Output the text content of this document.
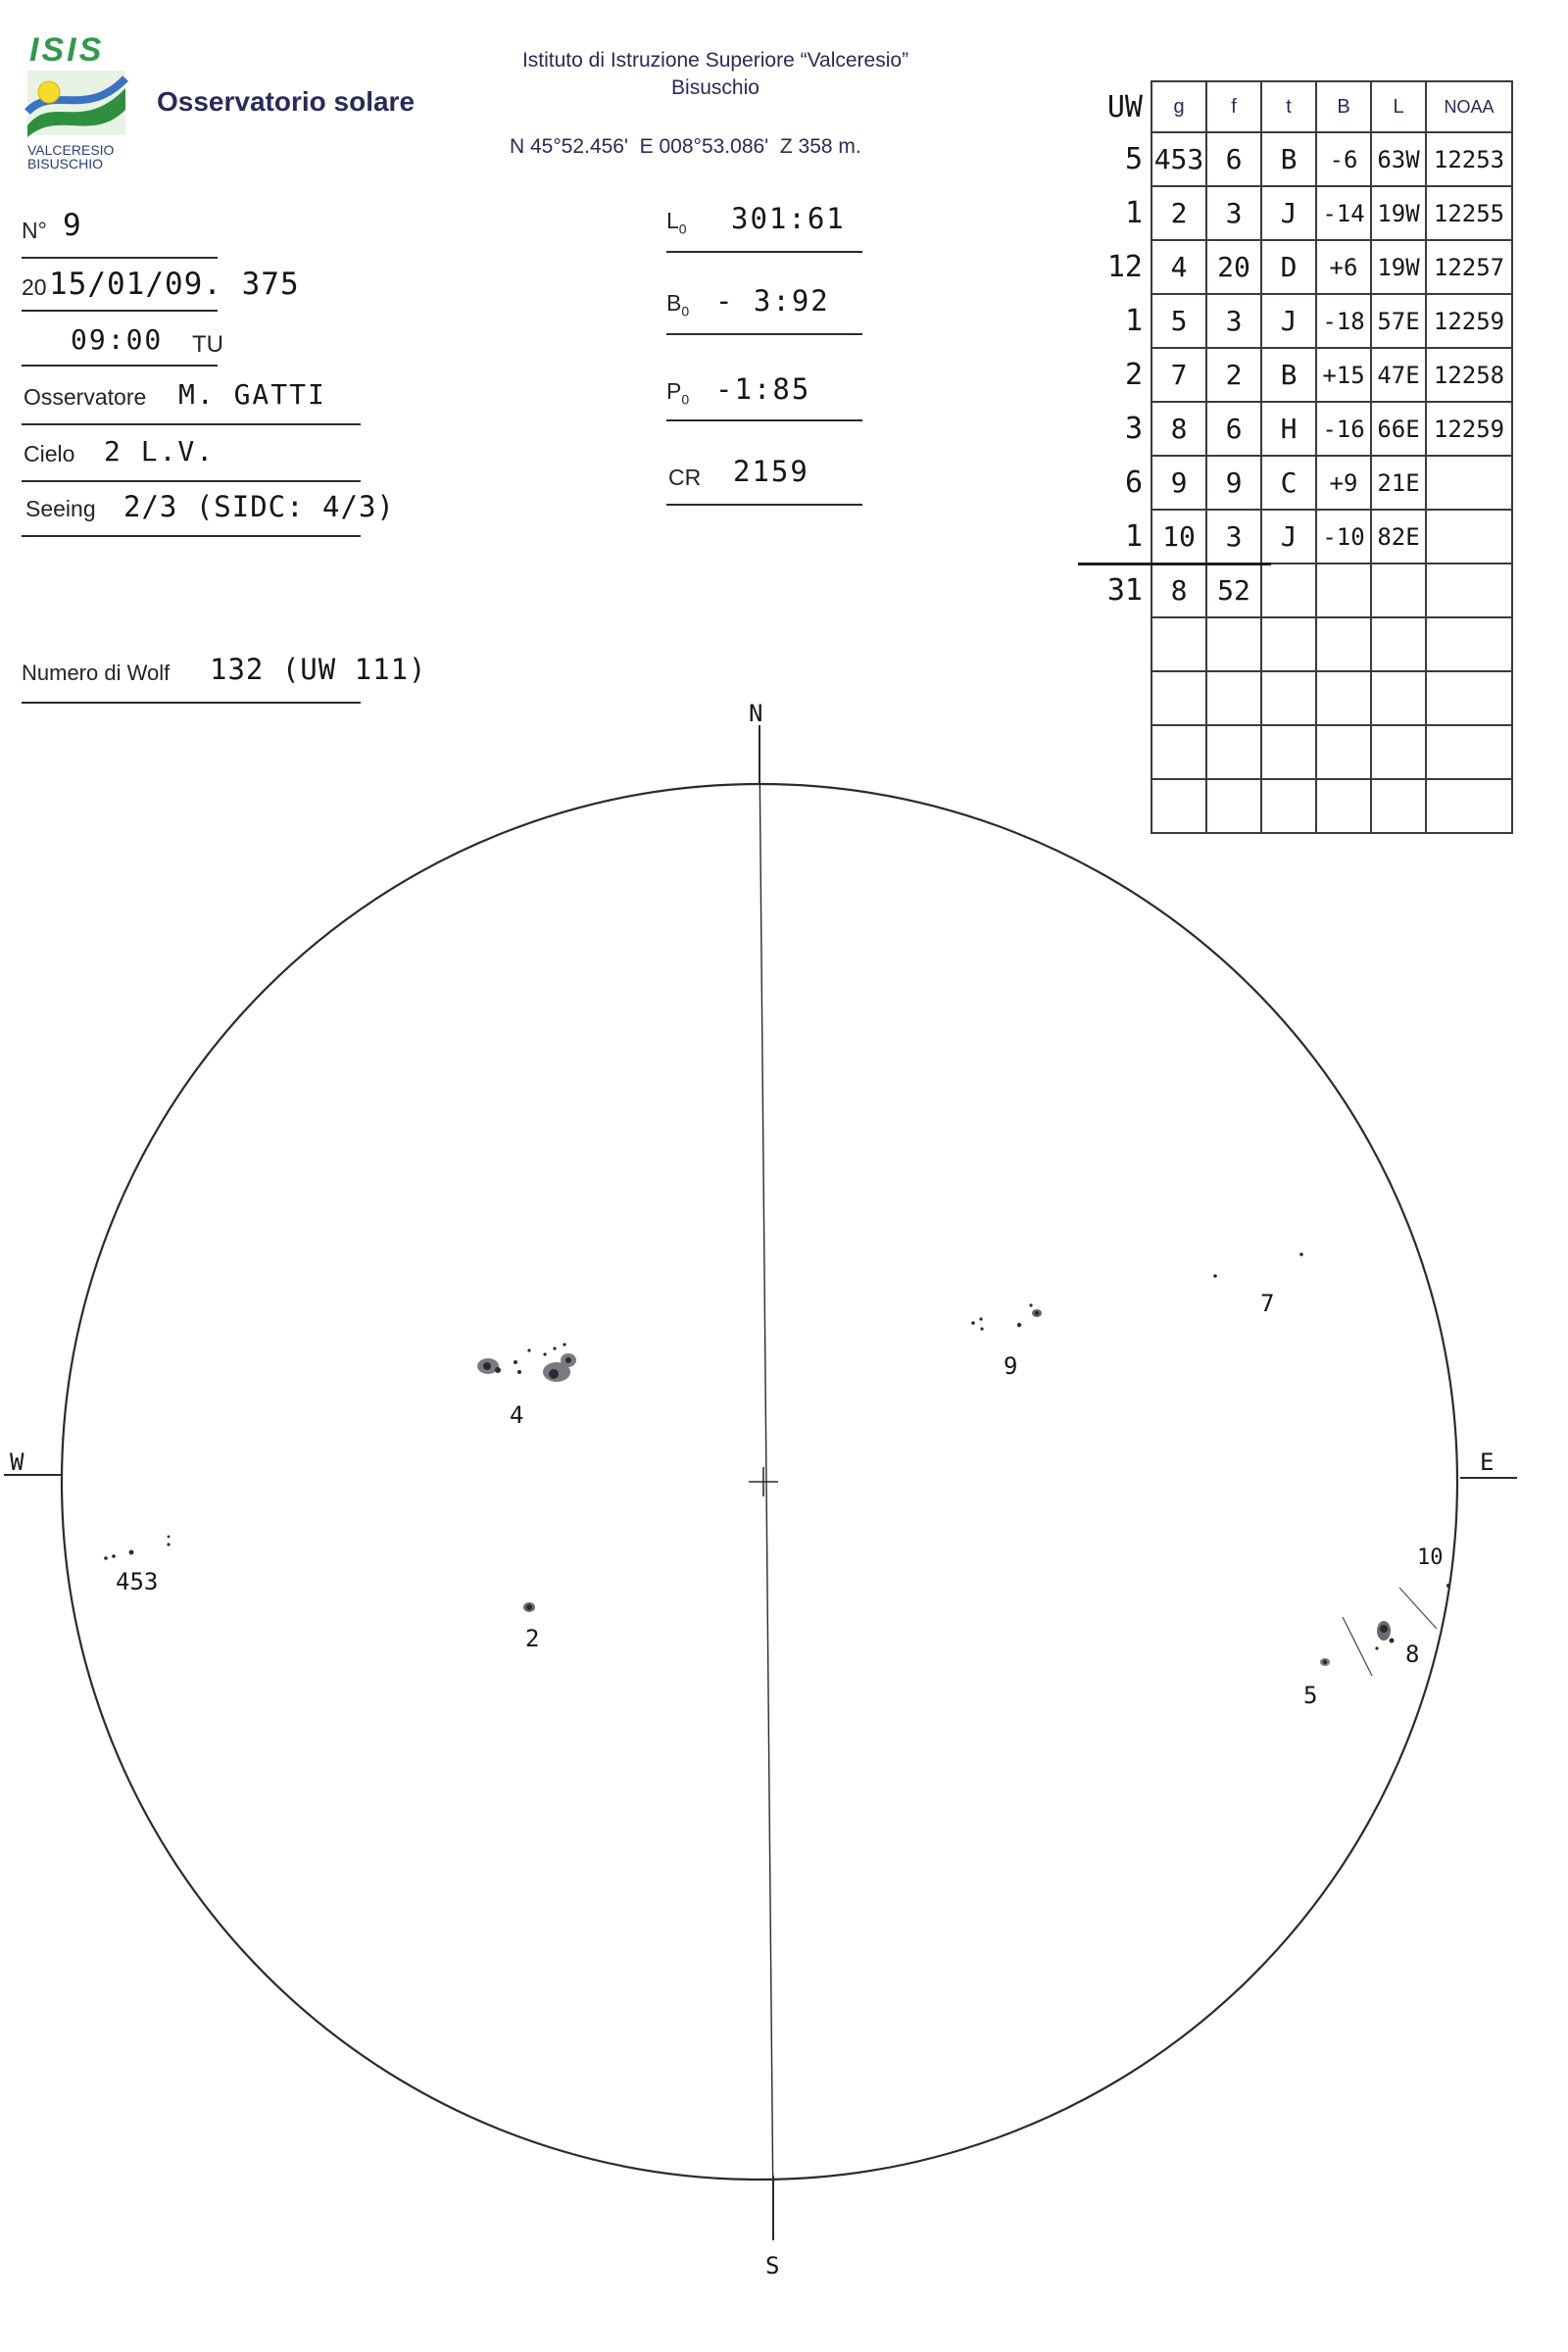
ISIS
VALCERESIO
BISUSCHIO
Osservatorio solare
Istituto di Istruzione Superiore “Valceresio”
Bisuschio
N 45°52.456'  E 008°53.086'  Z 358 m.
N° 9
20 15/01/09. 375
09:00 TU
Osservatore M. GATTI
Cielo 2 L.V.
Seeing 2/3 (SIDC: 4/3)
Numero di Wolf 132 (UW 111)
$L_0$ 301:61
$B_0$ - 3:92
$P_0$ -1:85
CR 2159
UW	g	f	t	B	L	NOAA
5	453	6	B	-6	63W	12253
1	2	3	J	-14	19W	12255
12	4	20	D	+6	19W	12257
1	5	3	J	-18	57E	12259
2	7	2	B	+15	47E	12258
3	8	6	H	-16	66E	12259
6	9	9	C	+9	21E	
1	10	3	J	-10	82E	
31	8	52				

N
S
W	E
4
9
7
453
2
10
8
5
